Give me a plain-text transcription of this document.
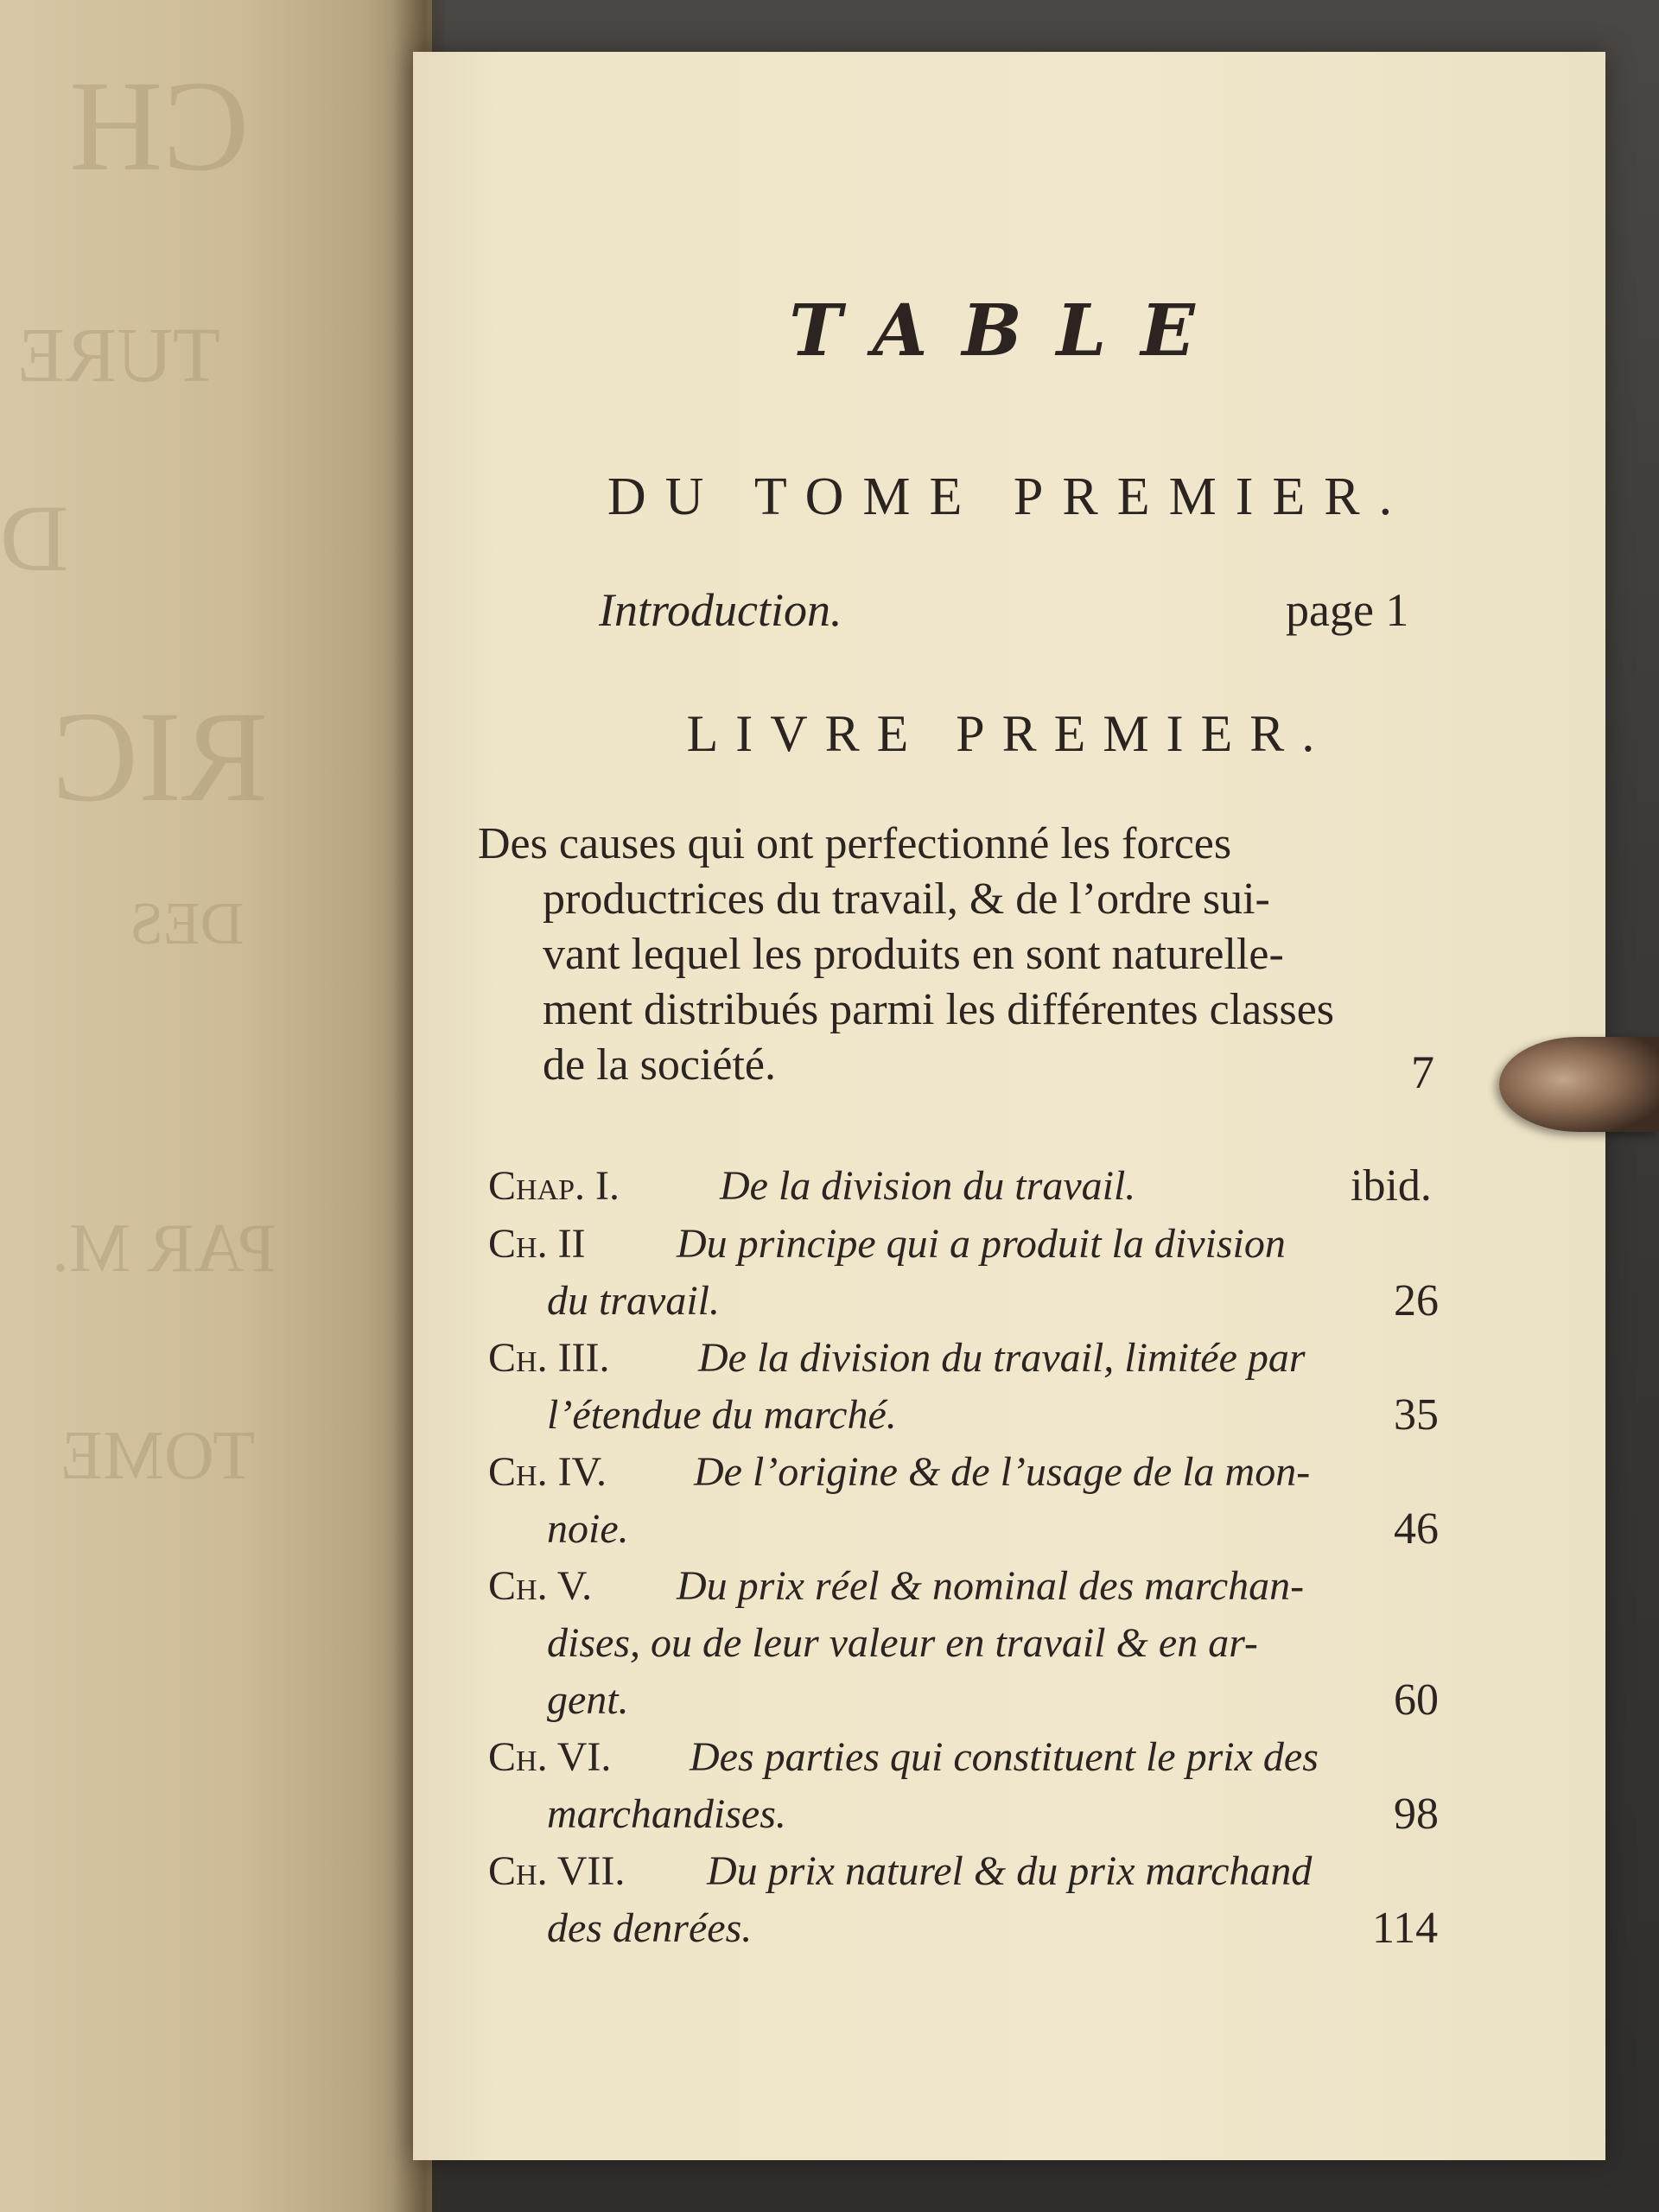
CH
TURE
D
RIC
DES
PAR M.
TOME
TABLE
DU TOME PREMIER.
Introduction.	page 1
LIVRE PREMIER.
Des causes qui ont perfectionné les forces
productrices du travail, & de l’ordre sui-
vant lequel les produits en sont naturelle-
ment distribués parmi les différentes classes
de la société.	7
Chap. I. De la division du travail.	ibid.
Ch. II Du principe qui a produit la division
du travail.	26
Ch. III. De la division du travail, limitée par
l’étendue du marché.	35
Ch. IV. De l’origine & de l’usage de la mon-
noie.	46
Ch. V. Du prix réel & nominal des marchan-
dises, ou de leur valeur en travail & en ar-
gent.	60
Ch. VI. Des parties qui constituent le prix des
marchandises.	98
Ch. VII. Du prix naturel & du prix marchand
des denrées.	114
